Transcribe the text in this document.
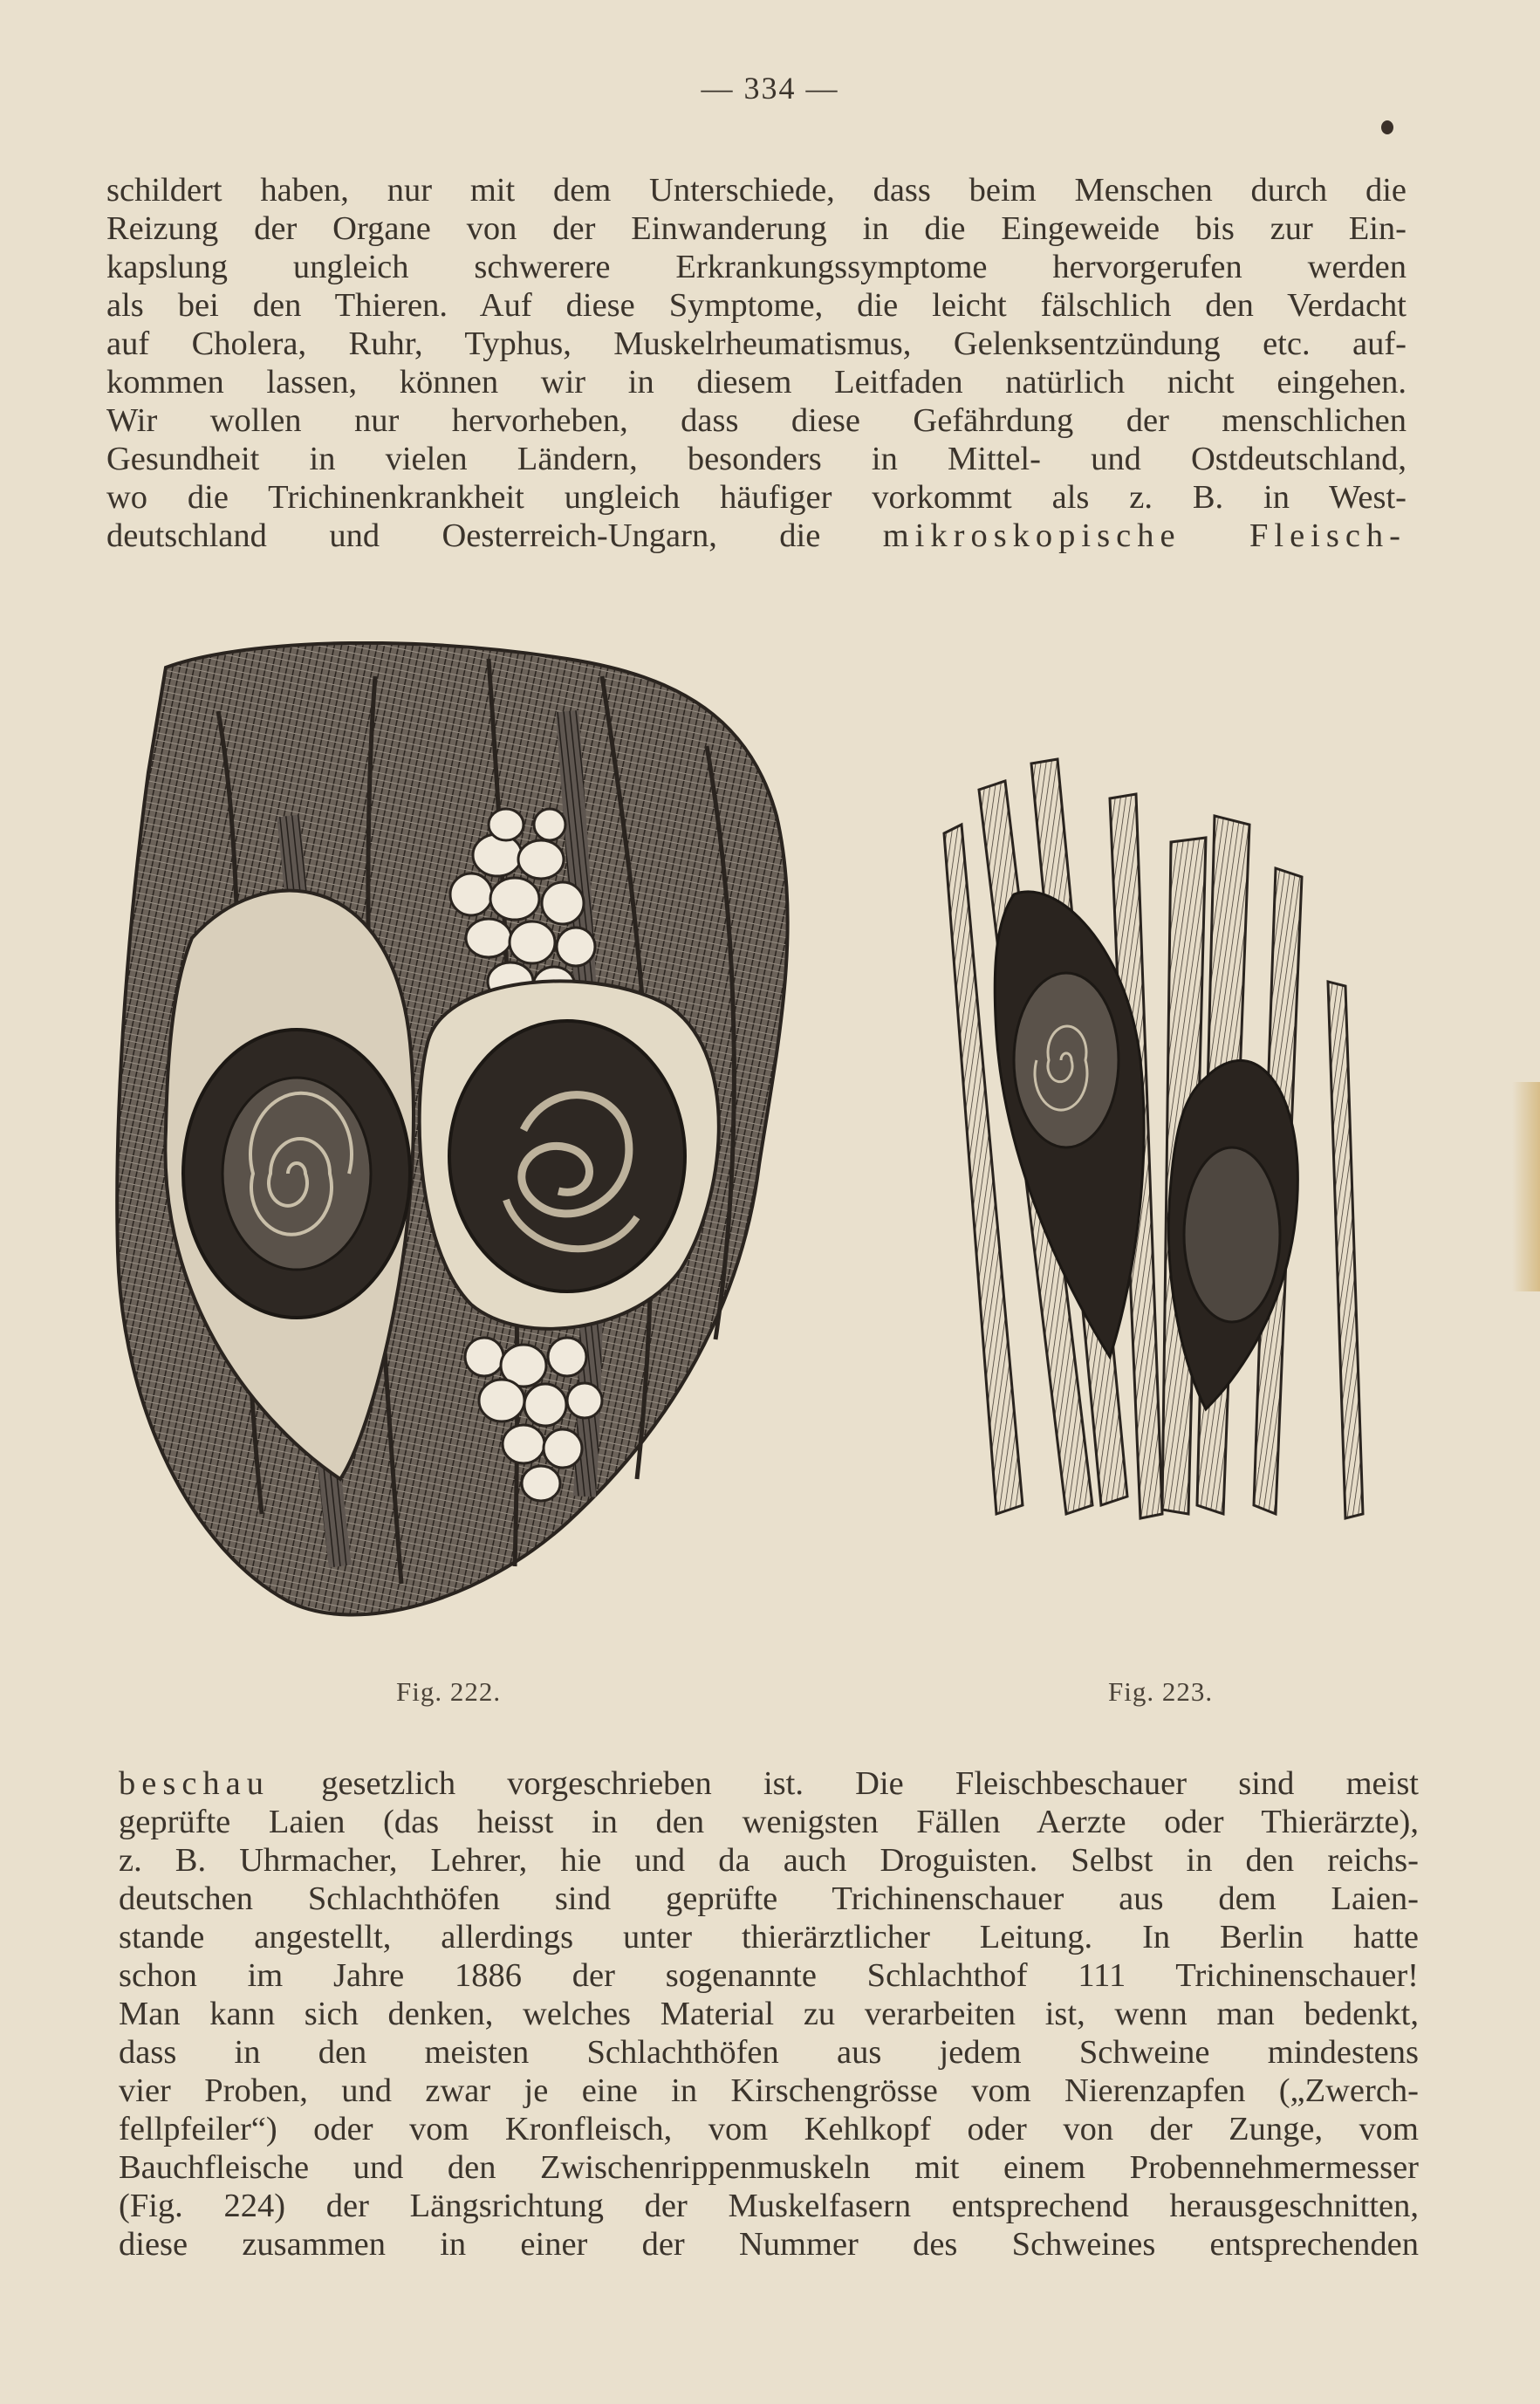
— 334 —
schildert haben, nur mit dem Unterschiede, dass beim Menschen durch die
Reizung der Organe von der Einwanderung in die Eingeweide bis zur Ein-
kapslung ungleich schwerere Erkrankungssymptome hervorgerufen werden
als bei den Thieren. Auf diese Symptome, die leicht fälschlich den Verdacht
auf Cholera, Ruhr, Typhus, Muskelrheumatismus, Gelenksentzündung etc. auf-
kommen lassen, können wir in diesem Leitfaden natürlich nicht eingehen.
Wir wollen nur hervorheben, dass diese Gefährdung der menschlichen
Gesundheit in vielen Ländern, besonders in Mittel- und Ostdeutschland,
wo die Trichinenkrankheit ungleich häufiger vorkommt als z. B. in West-
deutschland und Oesterreich-Ungarn, die mikroskopische Fleisch-
Fig. 222.	Fig. 223.
beschau gesetzlich vorgeschrieben ist. Die Fleischbeschauer sind meist
geprüfte Laien (das heisst in den wenigsten Fällen Aerzte oder Thierärzte),
z. B. Uhrmacher, Lehrer, hie und da auch Droguisten. Selbst in den reichs-
deutschen Schlachthöfen sind geprüfte Trichinenschauer aus dem Laien-
stande angestellt, allerdings unter thierärztlicher Leitung. In Berlin hatte
schon im Jahre 1886 der sogenannte Schlachthof 111 Trichinenschauer!
Man kann sich denken, welches Material zu verarbeiten ist, wenn man bedenkt,
dass in den meisten Schlachthöfen aus jedem Schweine mindestens
vier Proben, und zwar je eine in Kirschengrösse vom Nierenzapfen („Zwerch-
fellpfeiler“) oder vom Kronfleisch, vom Kehlkopf oder von der Zunge, vom
Bauchfleische und den Zwischenrippenmuskeln mit einem Probennehmermesser
(Fig. 224) der Längsrichtung der Muskelfasern entsprechend herausgeschnitten,
diese zusammen in einer der Nummer des Schweines entsprechenden
